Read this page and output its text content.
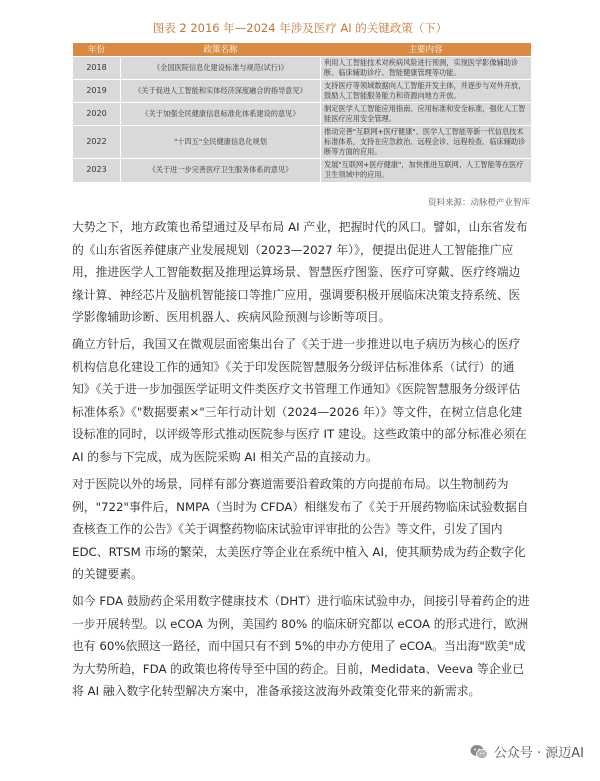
图表 2 2016 年—2024 年涉及医疗 AI 的关键政策（下）
年份	政策名称	主要内容
2018	《全国医院信息化建设标准与规范(试行)》	利用人工智能技术对疾病风险进行预测，实现医学影像辅助诊断、临床辅助诊疗、智能健康管理等功能。
2019	《关于促进人工智能和实体经济深度融合的指导意见》	支持医疗等领域数据向人工智能开发主体，并逐步与对外开放，鼓励人工智能服务能力和资源向地方开放。
2020	《关于加强全民健康信息标准化体系建设的意见》	制定医学人工智能应用指南、应用标准和安全标准，强化人工智能医疗应用安全管理。
2022	"十四五"全民健康信息化规划	推动完善"互联网+医疗健康"、医学人工智能等新一代信息技术标准体系，支持在应急救治、远程会诊、远程检查、临床辅助诊断等方面的应用。
2023	《关于进一步完善医疗卫生服务体系的意见》	发展"互联网+医疗健康"，加快推进互联网、人工智能等在医疗卫生领域中的应用。
资料来源：动脉橙产业智库

大势之下，地方政策也希望通过及早布局 AI 产业，把握时代的风口。譬如，山东省发布的《山东省医养健康产业发展规划（2023—2027 年）》，便提出促进人工智能推广应用，推进医学人工智能数据及推理运算场景、智慧医疗图鉴、医疗可穿戴、医疗终端边缘计算、神经芯片及脑机智能接口等推广应用，强调要积极开展临床决策支持系统、医学影像辅助诊断、医用机器人、疾病风险预测与诊断等项目。

确立方针后，我国又在微观层面密集出台了《关于进一步推进以电子病历为核心的医疗机构信息化建设工作的通知》《关于印发医院智慧服务分级评估标准体系（试行）的通知》《关于进一步加强医学证明文件类医疗文书管理工作通知》《医院智慧服务分级评估标准体系》《"数据要素×"三年行动计划（2024—2026 年）》等文件，在树立信息化建设标准的同时，以评级等形式推动医院参与医疗 IT 建设。这些政策中的部分标准必须在 AI 的参与下完成，成为医院采购 AI 相关产品的直接动力。

对于医院以外的场景，同样有部分赛道需要沿着政策的方向提前布局。以生物制药为例，"722"事件后，NMPA（当时为 CFDA）相继发布了《关于开展药物临床试验数据自查核查工作的公告》《关于调整药物临床试验审评审批的公告》等文件，引发了国内 EDC、RTSM 市场的繁荣，太美医疗等企业在系统中植入 AI，使其顺势成为药企数字化的关键要素。

如今 FDA 鼓励药企采用数字健康技术（DHT）进行临床试验申办，间接引导着药企的进一步开展转型。以 eCOA 为例，美国约 80% 的临床研究都以 eCOA 的形式进行，欧洲也有 60%依照这一路径，而中国只有不到 5%的申办方使用了 eCOA。当出海"欧美"成为大势所趋，FDA 的政策也将传导至中国的药企。目前，Medidata、Veeva 等企业已将 AI 融入数字化转型解决方案中，准备承接这波海外政策变化带来的新需求。

公众号 · 源迈AI
